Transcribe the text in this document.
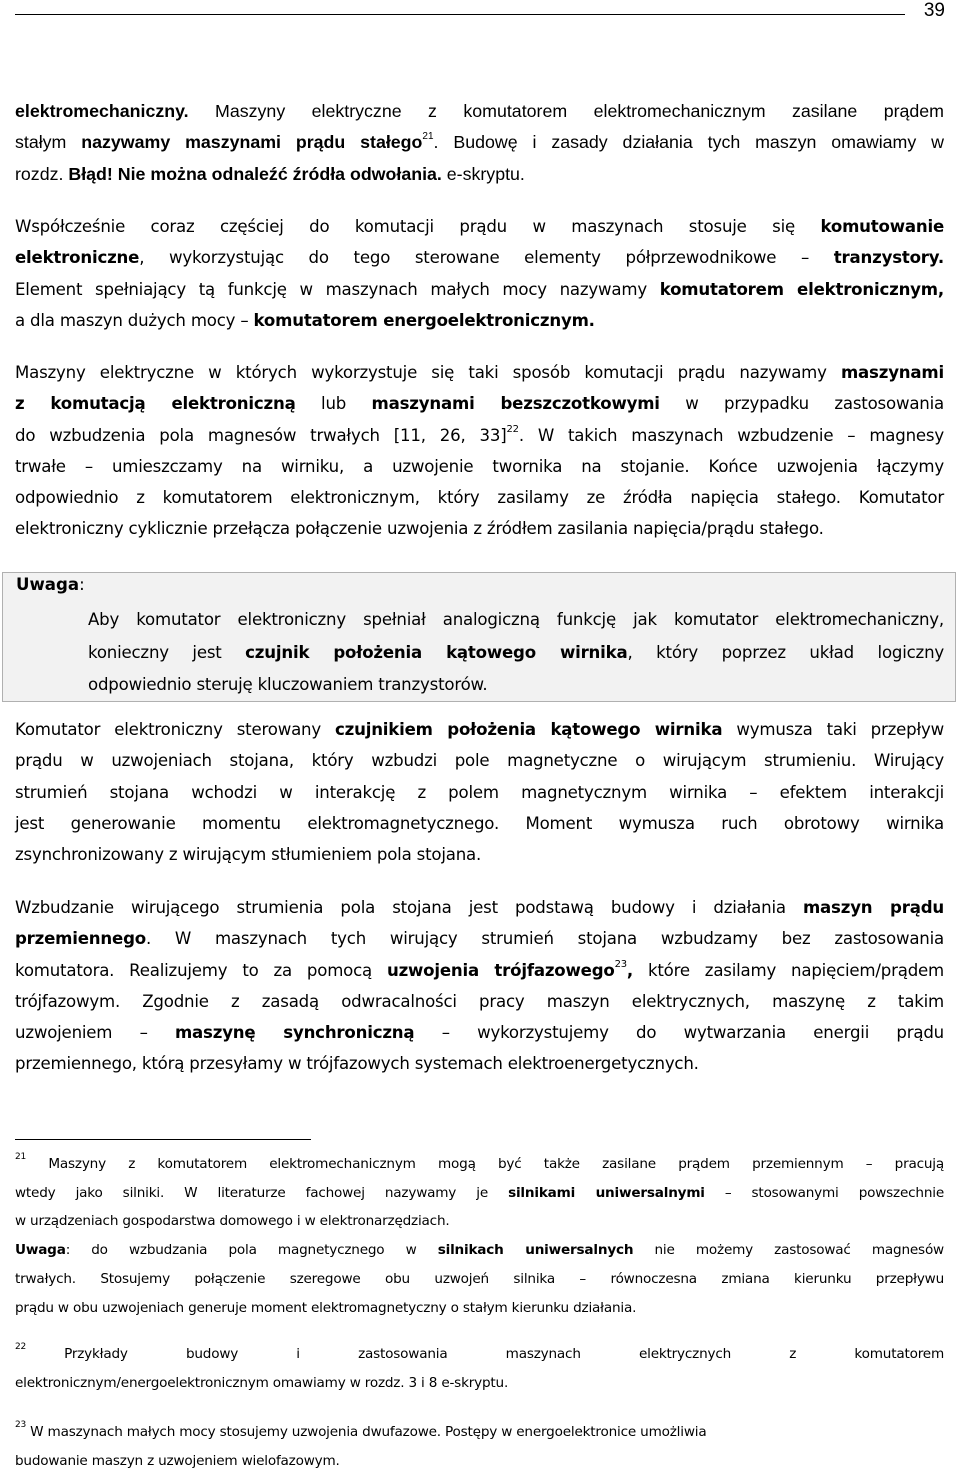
39
elektromechaniczny. Maszyny elektryczne z komutatorem elektromechanicznym zasilane prądem
stałym nazywamy maszynami prądu stałego$^{21}$. Budowę i zasady działania tych maszyn omawiamy w
rozdz. Błąd! Nie można odnaleźć źródła odwołania. e-skryptu.
Współcześnie coraz częściej do komutacji prądu w maszynach stosuje się komutowanie
elektroniczne, wykorzystując do tego sterowane elementy półprzewodnikowe – tranzystory.
Element spełniający tą funkcję w maszynach małych mocy nazywamy komutatorem elektronicznym,
a dla maszyn dużych mocy – komutatorem energoelektronicznym.
Maszyny elektryczne w których wykorzystuje się taki sposób komutacji prądu nazywamy maszynami
z komutacją elektroniczną lub maszynami bezszczotkowymi w przypadku zastosowania
do wzbudzenia pola magnesów trwałych [11, 26, 33]$^{22}$. W takich maszynach wzbudzenie – magnesy
trwałe – umieszczamy na wirniku, a uzwojenie twornika na stojanie. Końce uzwojenia łączymy
odpowiednio z komutatorem elektronicznym, który zasilamy ze źródła napięcia stałego. Komutator
elektroniczny cyklicznie przełącza połączenie uzwojenia z źródłem zasilania napięcia/prądu stałego.
Uwaga:
Aby komutator elektroniczny spełniał analogiczną funkcję jak komutator elektromechaniczny,
konieczny jest czujnik położenia kątowego wirnika, który poprzez układ logiczny
odpowiednio steruję kluczowaniem tranzystorów.
Komutator elektroniczny sterowany czujnikiem położenia kątowego wirnika wymusza taki przepływ
prądu w uzwojeniach stojana, który wzbudzi pole magnetyczne o wirującym strumieniu. Wirujący
strumień stojana wchodzi w interakcję z polem magnetycznym wirnika – efektem interakcji
jest generowanie momentu elektromagnetycznego. Moment wymusza ruch obrotowy wirnika
zsynchronizowany z wirującym stłumieniem pola stojana.
Wzbudzanie wirującego strumienia pola stojana jest podstawą budowy i działania maszyn prądu
przemiennego. W maszynach tych wirujący strumień stojana wzbudzamy bez zastosowania
komutatora. Realizujemy to za pomocą uzwojenia trójfazowego$^{23}$, które zasilamy napięciem/prądem
trójfazowym. Zgodnie z zasadą odwracalności pracy maszyn elektrycznych, maszynę z takim
uzwojeniem – maszynę synchroniczną – wykorzystujemy do wytwarzania energii prądu
przemiennego, którą przesyłamy w trójfazowych systemach elektroenergetycznych.
$^{21}$ Maszyny z komutatorem elektromechanicznym mogą być także zasilane prądem przemiennym – pracują
wtedy jako silniki. W literaturze fachowej nazywamy je silnikami uniwersalnymi – stosowanymi powszechnie
w urządzeniach gospodarstwa domowego i w elektronarzędziach.
Uwaga: do wzbudzania pola magnetycznego w silnikach uniwersalnych nie możemy zastosować magnesów
trwałych. Stosujemy połączenie szeregowe obu uzwojeń silnika – równoczesna zmiana kierunku przepływu
prądu w obu uzwojeniach generuje moment elektromagnetyczny o stałym kierunku działania.
$^{22}$	Przykłady budowy i zastosowania maszynach elektrycznych z komutatorem
elektronicznym/energoelektronicznym omawiamy w rozdz. 3 i 8 e-skryptu.
$^{23}$ W maszynach małych mocy stosujemy uzwojenia dwufazowe. Postępy w energoelektronice umożliwia
budowanie maszyn z uzwojeniem wielofazowym.
